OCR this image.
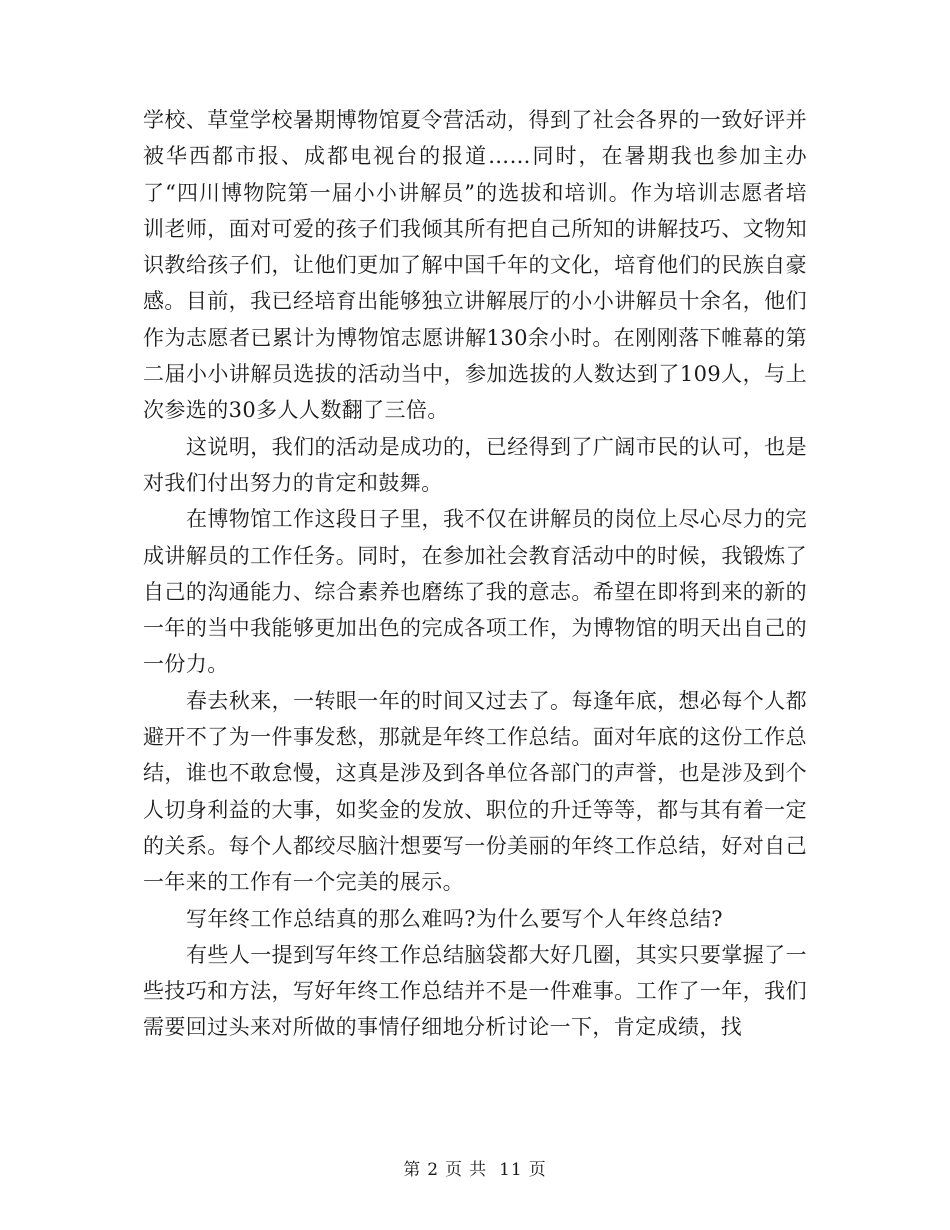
学校、草堂学校暑期博物馆夏令营活动，得到了社会各界的一致好评并被华西都市报、成都电视台的报道……同时，在暑期我也参加主办了“四川博物院第一届小小讲解员”的选拔和培训。作为培训志愿者培训老师，面对可爱的孩子们我倾其所有把自己所知的讲解技巧、文物知识教给孩子们，让他们更加了解中国千年的文化，培育他们的民族自豪感。目前，我已经培育出能够独立讲解展厅的小小讲解员十余名，他们作为志愿者已累计为博物馆志愿讲解130余小时。在刚刚落下帷幕的第二届小小讲解员选拔的活动当中，参加选拔的人数达到了109人，与上次参选的30多人人数翻了三倍。

这说明，我们的活动是成功的，已经得到了广阔市民的认可，也是对我们付出努力的肯定和鼓舞。

在博物馆工作这段日子里，我不仅在讲解员的岗位上尽心尽力的完成讲解员的工作任务。同时，在参加社会教育活动中的时候，我锻炼了自己的沟通能力、综合素养也磨练了我的意志。希望在即将到来的新的一年的当中我能够更加出色的完成各项工作，为博物馆的明天出自己的一份力。

春去秋来，一转眼一年的时间又过去了。每逢年底，想必每个人都避开不了为一件事发愁，那就是年终工作总结。面对年底的这份工作总结，谁也不敢怠慢，这真是涉及到各单位各部门的声誉，也是涉及到个人切身利益的大事，如奖金的发放、职位的升迁等等，都与其有着一定的关系。每个人都绞尽脑汁想要写一份美丽的年终工作总结，好对自己一年来的工作有一个完美的展示。

写年终工作总结真的那么难吗?为什么要写个人年终总结?

有些人一提到写年终工作总结脑袋都大好几圈，其实只要掌握了一些技巧和方法，写好年终工作总结并不是一件难事。工作了一年，我们需要回过头来对所做的事情仔细地分析讨论一下，肯定成绩，找

第 2 页 共 11 页
